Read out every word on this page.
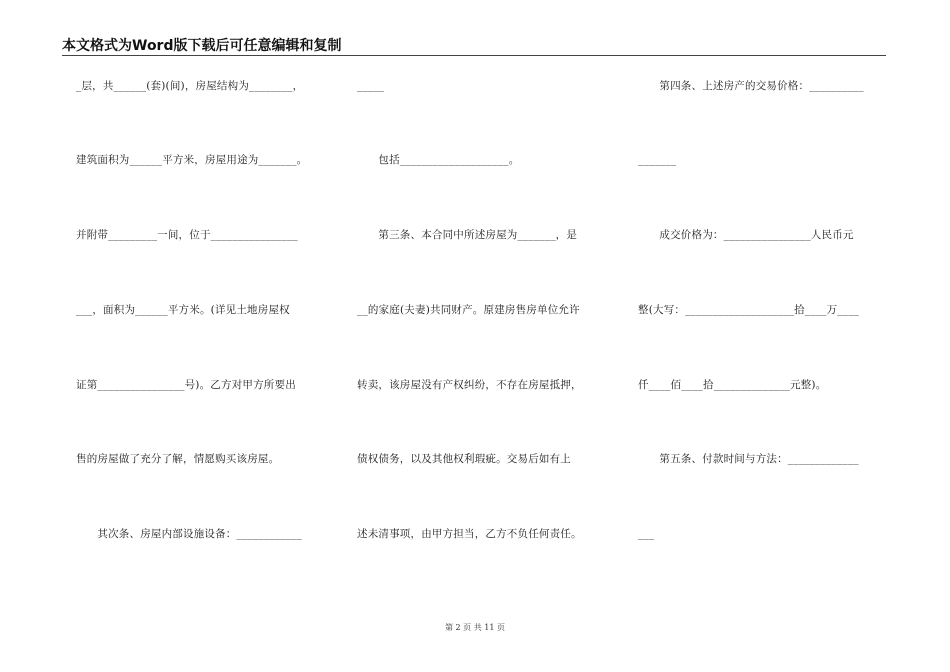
本文格式为Word版下载后可任意编辑和复制
_层，共______(套)(间)，房屋结构为________，
建筑面积为______平方米，房屋用途为_______。
并附带_________一间，位于________________
___，面积为______平方米。(详见土地房屋权
证第________________号)。乙方对甲方所要出
售的房屋做了充分了解，情愿购买该房屋。
　　其次条、房屋内部设施设备：____________
_____
　　包括____________________。
　　第三条、本合同中所述房屋为_______，是
__的家庭(夫妻)共同财产。原建房售房单位允许
转卖，该房屋没有产权纠纷，不存在房屋抵押，
债权债务，以及其他权利瑕疵。交易后如有上
述未清事项，由甲方担当，乙方不负任何责任。
　　第四条、上述房产的交易价格：__________
_______
　　成交价格为：________________人民币元
整(大写：____________________拾____万____
仟____佰____拾______________元整)。
　　第五条、付款时间与方法：_____________
___
第 2 页 共 11 页
